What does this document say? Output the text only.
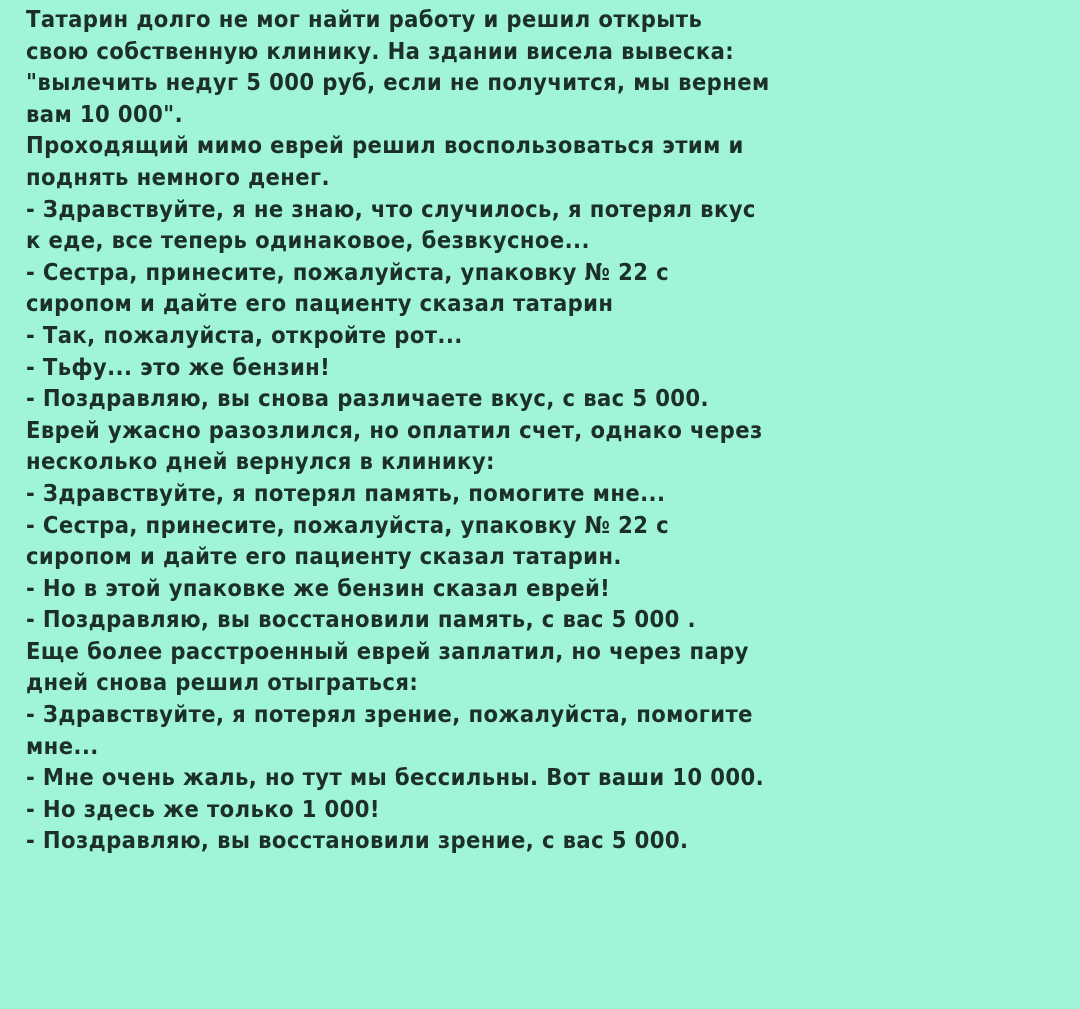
Татарин долго не мог найти работу и решил открыть
свою собственную клинику. На здании висела вывеска:
"вылечить недуг 5 000 руб, если не получится, мы вернем
вам 10 000".
Проходящий мимо еврей решил воспользоваться этим и
поднять немного денег.
- Здравствуйте, я не знаю, что случилось, я потерял вкус
к еде, все теперь одинаковое, безвкусное...
- Сестра, принесите, пожалуйста, упаковку № 22 с
сиропом и дайте его пациенту сказал татарин
- Так, пожалуйста, откройте рот...
- Тьфу... это же бензин!
- Поздравляю, вы снова различаете вкус, с вас 5 000.
Еврей ужасно разозлился, но оплатил счет, однако через
несколько дней вернулся в клинику:
- Здравствуйте, я потерял память, помогите мне...
- Сестра, принесите, пожалуйста, упаковку № 22 с
сиропом и дайте его пациенту сказал татарин.
- Но в этой упаковке же бензин сказал еврей!
- Поздравляю, вы восстановили память, с вас 5 000 .
Еще более расстроенный еврей заплатил, но через пару
дней снова решил отыграться:
- Здравствуйте, я потерял зрение, пожалуйста, помогите
мне...
- Мне очень жаль, но тут мы бессильны. Вот ваши 10 000.
- Но здесь же только 1 000!
- Поздравляю, вы восстановили зрение, с вас 5 000.
